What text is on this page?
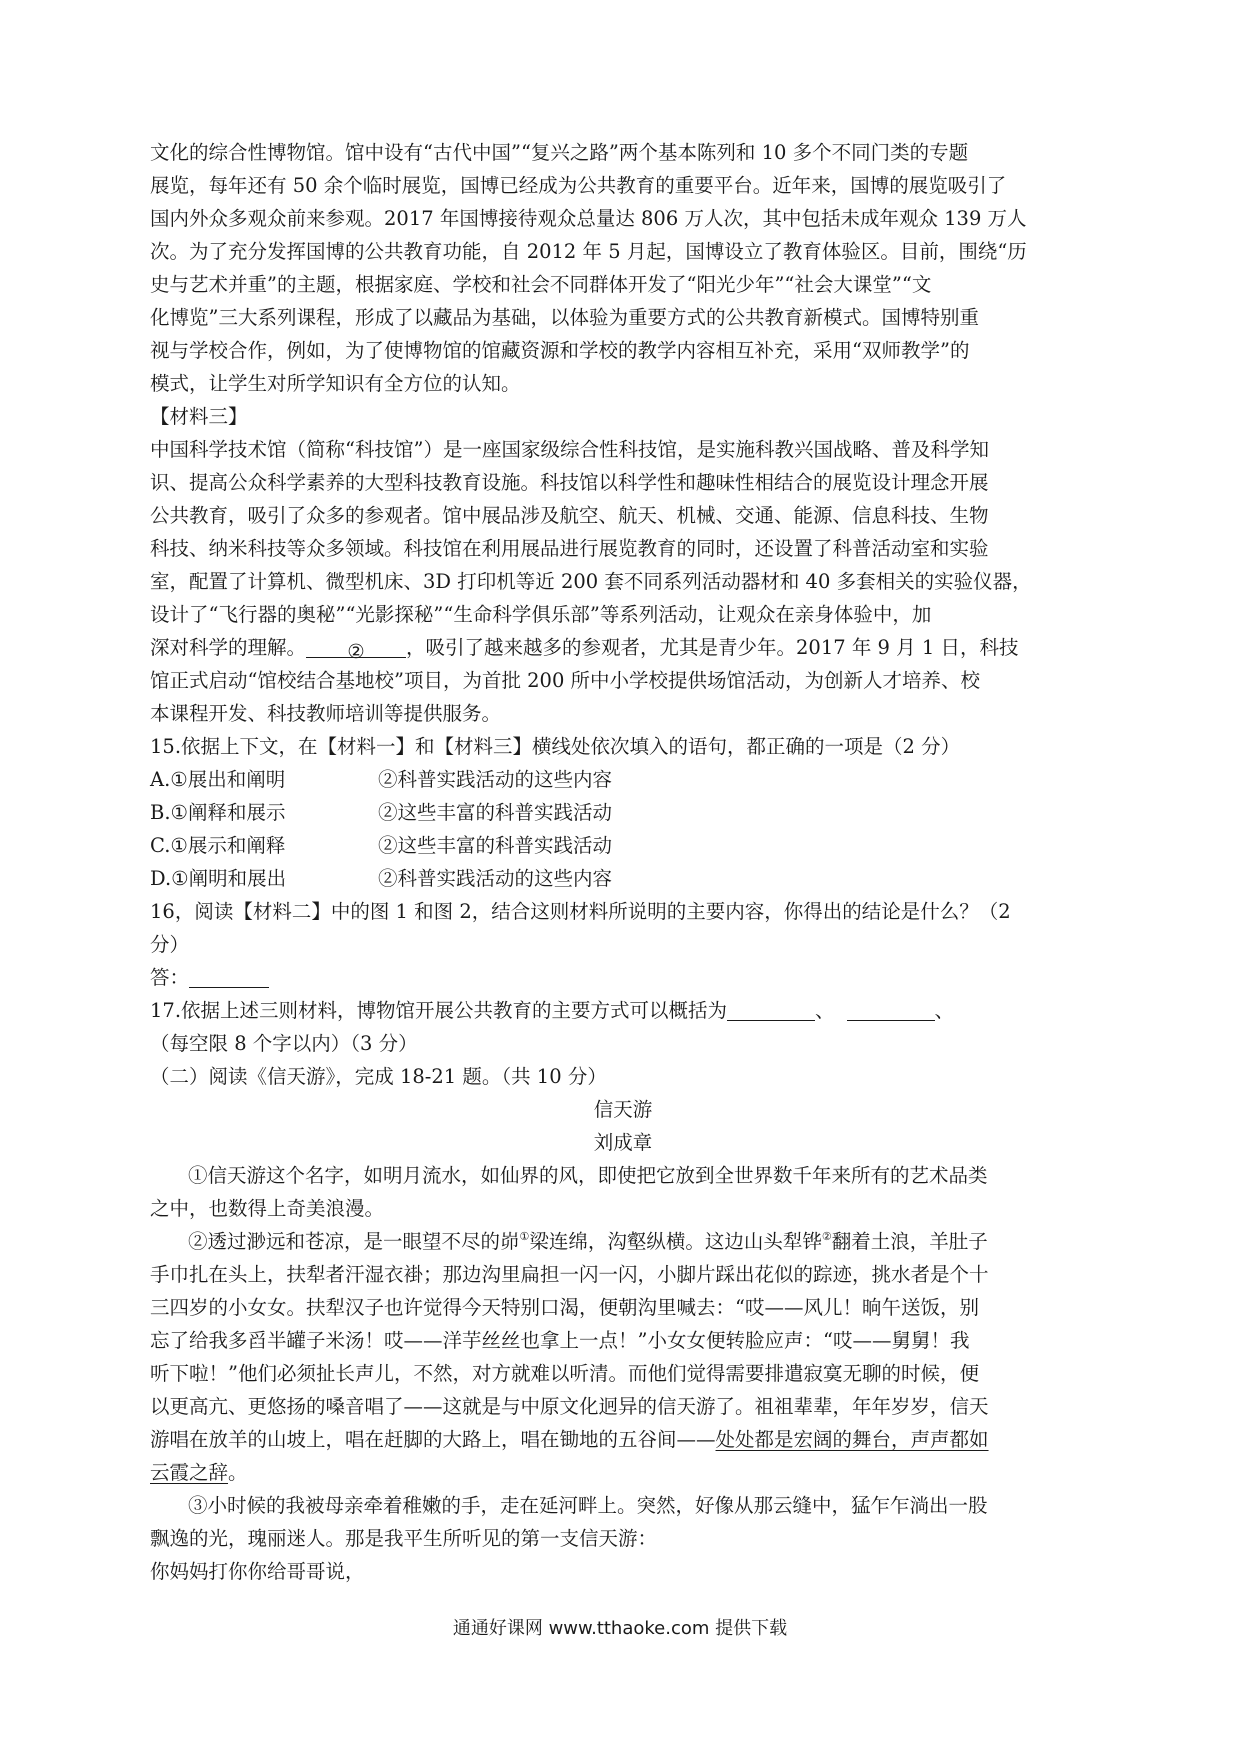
文化的综合性博物馆。馆中设有“古代中国”“复兴之路”两个基本陈列和 10 多个不同门类的专题

展览，每年还有 50 余个临时展览，国博已经成为公共教育的重要平台。近年来，国博的展览吸引了

国内外众多观众前来参观。2017 年国博接待观众总量达 806 万人次，其中包括未成年观众 139 万人

次。为了充分发挥国博的公共教育功能，自 2012 年 5 月起，国博设立了教育体验区。目前，围绕“历

史与艺术并重”的主题，根据家庭、学校和社会不同群体开发了“阳光少年”“社会大课堂”“文

化博览”三大系列课程，形成了以藏品为基础，以体验为重要方式的公共教育新模式。国博特别重

视与学校合作，例如，为了使博物馆的馆藏资源和学校的教学内容相互补充，采用“双师教学”的

模式，让学生对所学知识有全方位的认知。

【材料三】

中国科学技术馆（简称“科技馆”）是一座国家级综合性科技馆，是实施科教兴国战略、普及科学知

识、提高公众科学素养的大型科技教育设施。科技馆以科学性和趣味性相结合的展览设计理念开展

公共教育，吸引了众多的参观者。馆中展品涉及航空、航天、机械、交通、能源、信息科技、生物

科技、纳米科技等众多领域。科技馆在利用展品进行展览教育的同时，还设置了科普活动室和实验

室，配置了计算机、微型机床、3D 打印机等近 200 套不同系列活动器材和 40 多套相关的实验仪器，

设计了“飞行器的奥秘”“光影探秘”“生命科学俱乐部”等系列活动，让观众在亲身体验中，加

深对科学的理解。 ② ，吸引了越来越多的参观者，尤其是青少年。2017 年 9 月 1 日，科技

馆正式启动“馆校结合基地校”项目，为首批 200 所中小学校提供场馆活动，为创新人才培养、校

本课程开发、科技教师培训等提供服务。

15.依据上下文，在【材料一】和【材料三】横线处依次填入的语句，都正确的一项是（2 分）

A.①展出和阐明	②科普实践活动的这些内容

B.①阐释和展示	②这些丰富的科普实践活动

C.①展示和阐释	②这些丰富的科普实践活动

D.①阐明和展出	②科普实践活动的这些内容

16，阅读【材料二】中的图 1 和图 2，结合这则材料所说明的主要内容，你得出的结论是什么？（2

分）

答：

17.依据上述三则材料，博物馆开展公共教育的主要方式可以概括为	、	、

（每空限 8 个字以内）（3 分）

（二）阅读《信天游》，完成 18-21 题。（共 10 分）

信天游

刘成章

①信天游这个名字，如明月流水，如仙界的风，即使把它放到全世界数千年来所有的艺术品类

之中，也数得上奇美浪漫。

②透过渺远和苍凉，是一眼望不尽的峁①梁连绵，沟壑纵横。这边山头犁铧②翻着土浪，羊肚子

手巾扎在头上，扶犁者汗湿衣褂；那边沟里扁担一闪一闪，小脚片踩出花似的踪迹，挑水者是个十

三四岁的小女女。扶犁汉子也许觉得今天特别口渴，便朝沟里喊去：“哎——风儿！晌午送饭，别

忘了给我多舀半罐子米汤！哎——洋芋丝丝也拿上一点！”小女女便转脸应声：“哎——舅舅！我

听下啦！”他们必须扯长声儿，不然，对方就难以听清。而他们觉得需要排遣寂寞无聊的时候，便

以更高亢、更悠扬的嗓音唱了——这就是与中原文化迥异的信天游了。祖祖辈辈，年年岁岁，信天

游唱在放羊的山坡上，唱在赶脚的大路上，唱在锄地的五谷间——处处都是宏阔的舞台，声声都如

云霞之辞。

③小时候的我被母亲牵着稚嫩的手，走在延河畔上。突然，好像从那云缝中，猛乍乍淌出一股

飘逸的光，瑰丽迷人。那是我平生所听见的第一支信天游：

你妈妈打你你给哥哥说，

通通好课网 www.tthaoke.com 提供下载
